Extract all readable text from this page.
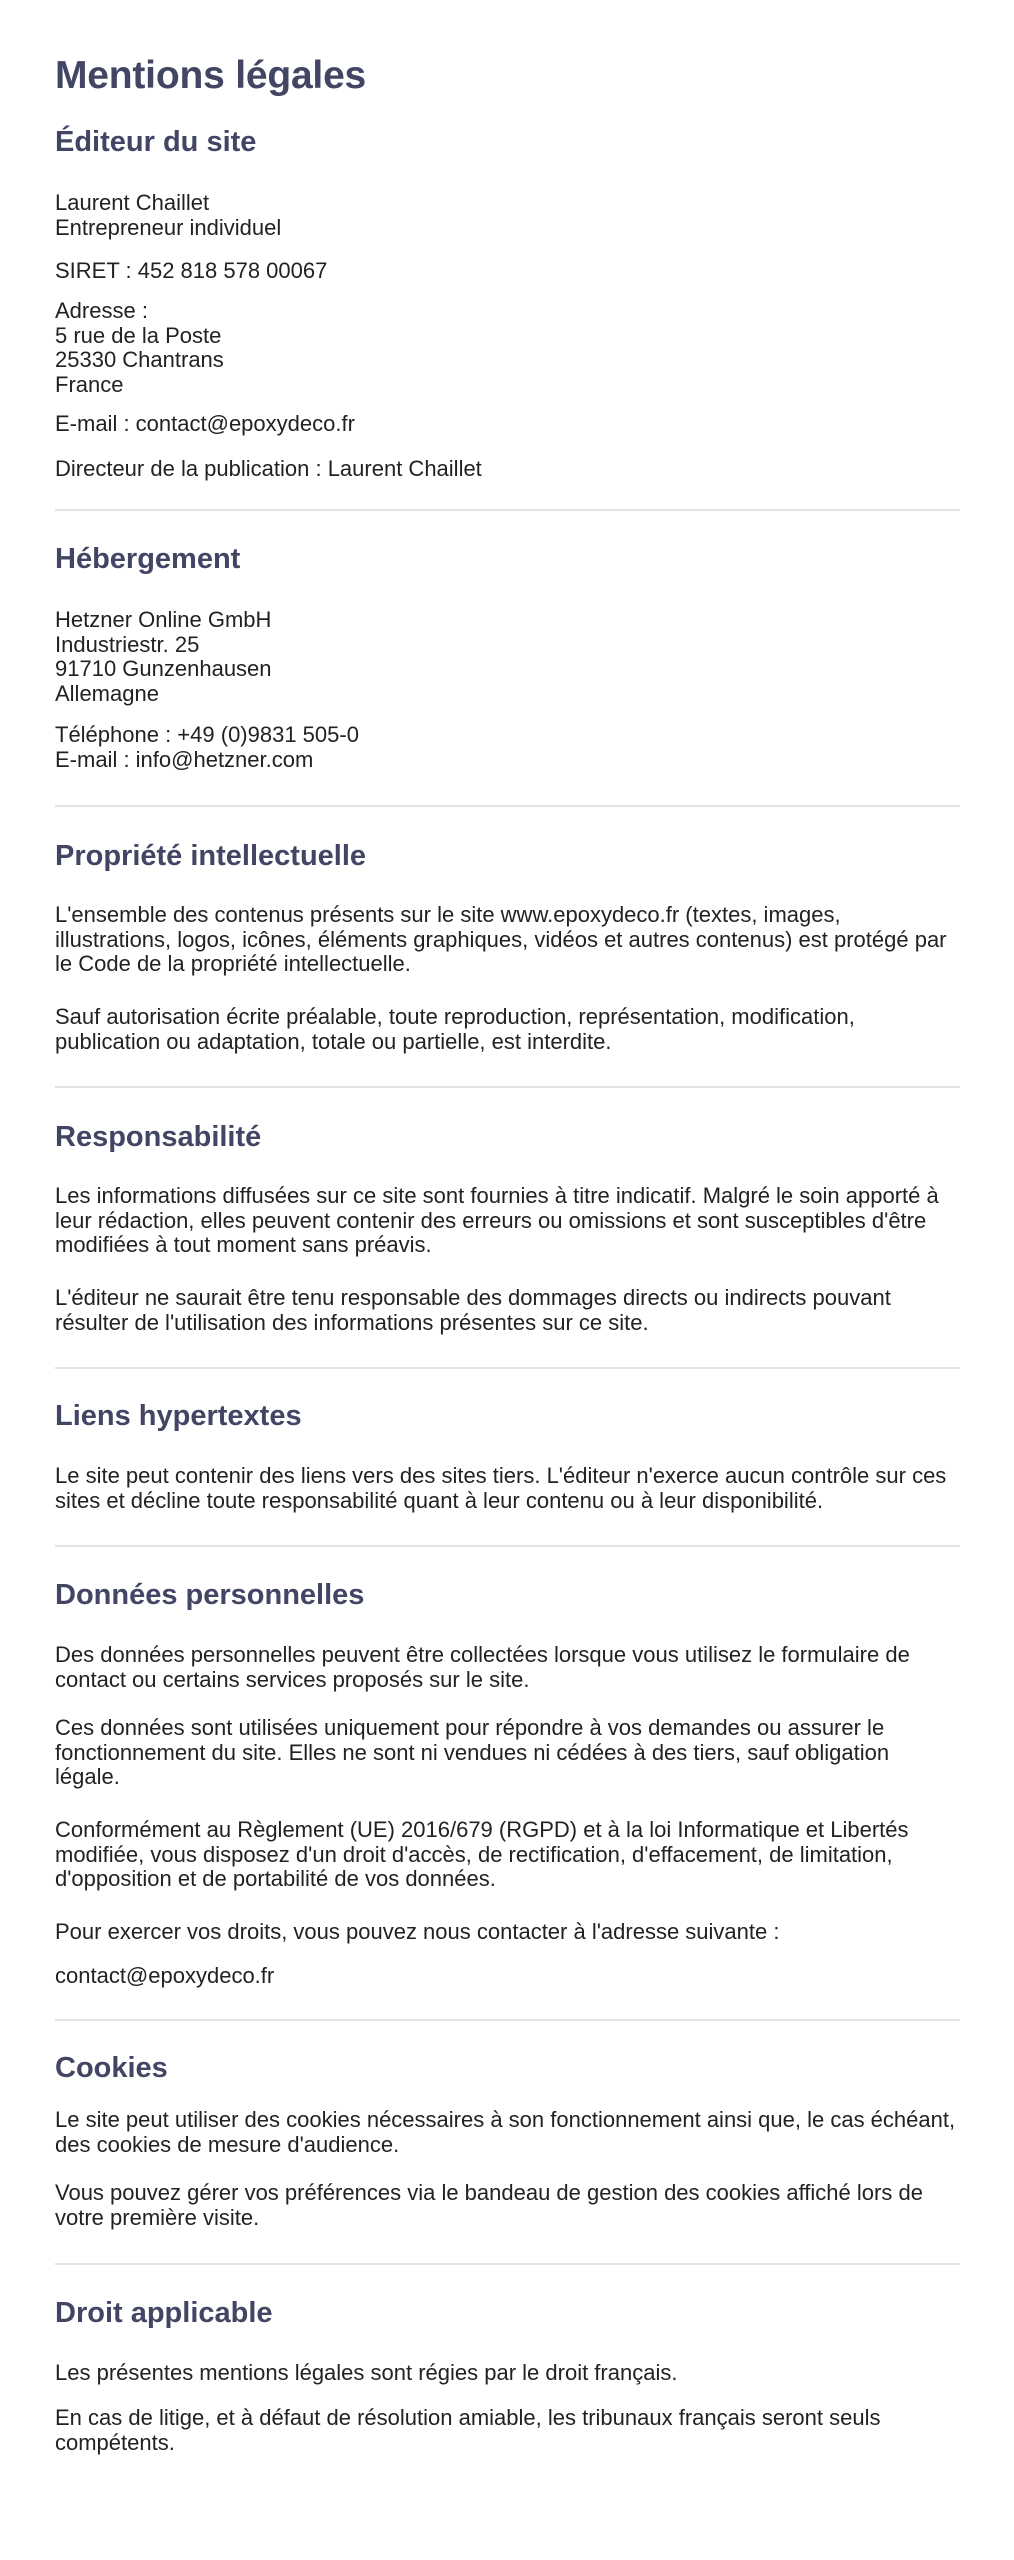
Mentions légales
Éditeur du site
Laurent Chaillet
Entrepreneur individuel

SIRET : 452 818 578 00067

Adresse :
5 rue de la Poste
25330 Chantrans
France

E-mail : contact@epoxydeco.fr

Directeur de la publication : Laurent Chaillet

Hébergement
Hetzner Online GmbH
Industriestr. 25
91710 Gunzenhausen
Allemagne
Téléphone : +49 (0)9831 505-0
E-mail : info@hetzner.com
Propriété intellectuelle

L'ensemble des contenus présents sur le site www.epoxydeco.fr (textes, images, illustrations, logos, icônes, éléments graphiques, vidéos et autres contenus) est protégé par le Code de la propriété intellectuelle.

Sauf autorisation écrite préalable, toute reproduction, représentation, modification, publication ou adaptation, totale ou partielle, est interdite.

Responsabilité

Les informations diffusées sur ce site sont fournies à titre indicatif. Malgré le soin apporté à leur rédaction, elles peuvent contenir des erreurs ou omissions et sont susceptibles d'être modifiées à tout moment sans préavis.

L'éditeur ne saurait être tenu responsable des dommages directs ou indirects pouvant résulter de l'utilisation des informations présentes sur ce site.

Liens hypertextes

Le site peut contenir des liens vers des sites tiers. L'éditeur n'exerce aucun contrôle sur ces sites et décline toute responsabilité quant à leur contenu ou à leur disponibilité.

Données personnelles

Des données personnelles peuvent être collectées lorsque vous utilisez le formulaire de contact ou certains services proposés sur le site.

Ces données sont utilisées uniquement pour répondre à vos demandes ou assurer le fonctionnement du site. Elles ne sont ni vendues ni cédées à des tiers, sauf obligation légale.

Conformément au Règlement (UE) 2016/679 (RGPD) et à la loi Informatique et Libertés modifiée, vous disposez d'un droit d'accès, de rectification, d'effacement, de limitation, d'opposition et de portabilité de vos données.

Pour exercer vos droits, vous pouvez nous contacter à l'adresse suivante :

contact@epoxydeco.fr

Cookies

Le site peut utiliser des cookies nécessaires à son fonctionnement ainsi que, le cas échéant, des cookies de mesure d'audience.

Vous pouvez gérer vos préférences via le bandeau de gestion des cookies affiché lors de votre première visite.

Droit applicable

Les présentes mentions légales sont régies par le droit français.

En cas de litige, et à défaut de résolution amiable, les tribunaux français seront seuls compétents.
